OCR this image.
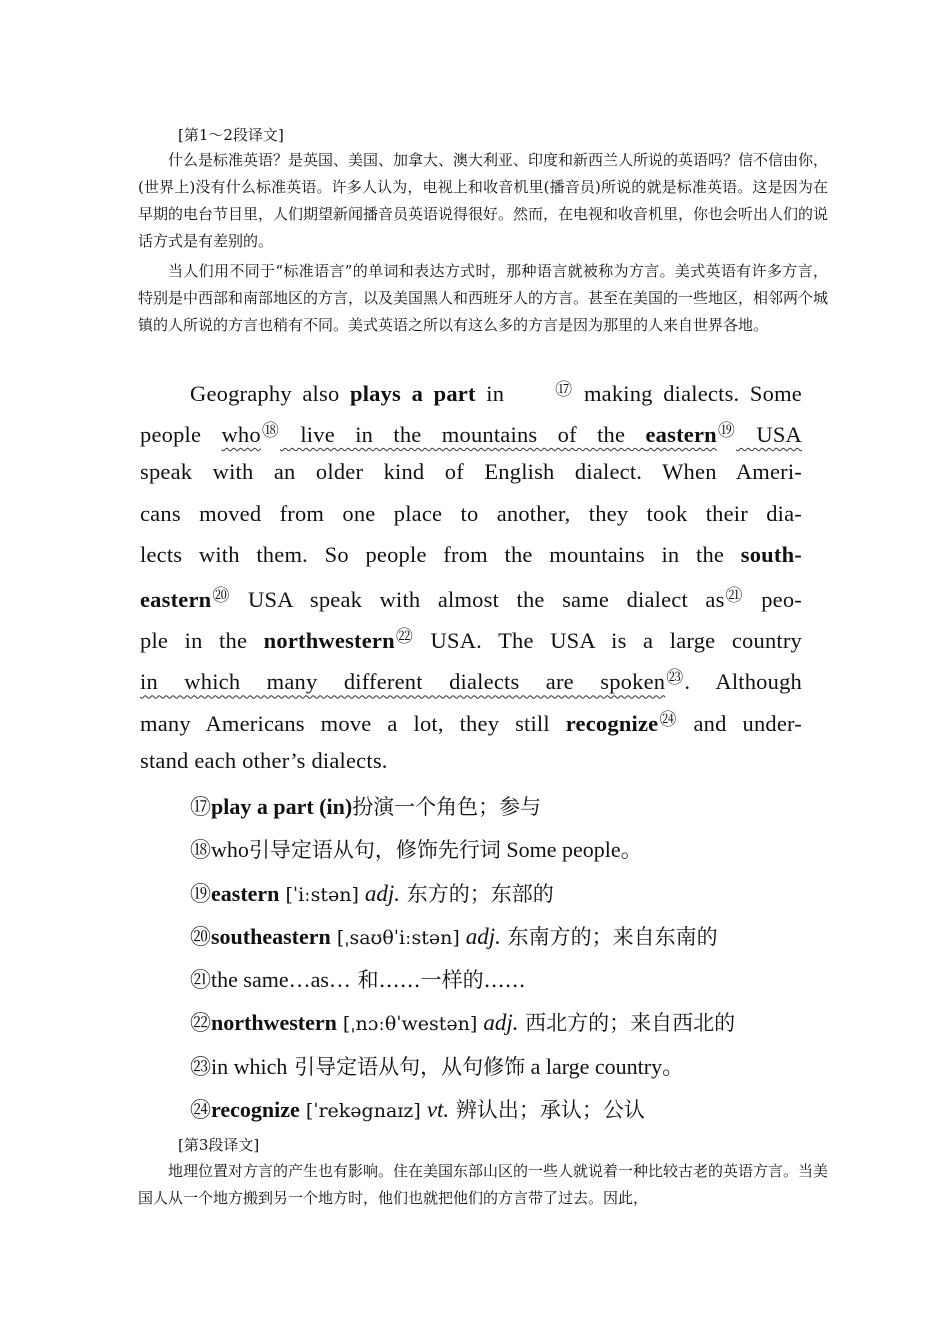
[第1～2段译文]
什么是标准英语？是英国、美国、加拿大、澳大利亚、印度和新西兰人所说的英语吗？信不信由你，(世界上)没有什么标准英语。许多人认为，电视上和收音机里(播音员)所说的就是标准英语。这是因为在早期的电台节目里，人们期望新闻播音员英语说得很好。然而，在电视和收音机里，你也会听出人们的说话方式是有差别的。
当人们用不同于“标准语言”的单词和表达方式时，那种语言就被称为方言。美式英语有许多方言，特别是中西部和南部地区的方言，以及美国黑人和西班牙人的方言。甚至在美国的一些地区，相邻两个城镇的人所说的方言也稍有不同。美式英语之所以有这么多的方言是因为那里的人来自世界各地。
Geography also plays a part in	⑰ making dialects. Some
people who⑱ live in the mountains of the eastern⑲ USA
speak with an older kind of English dialect. When Ameri-
cans moved from one place to another, they took their dia-
lects with them. So people from the mountains in the south-
eastern⑳ USA speak with almost the same dialect as㉑ peo-
ple in the northwestern㉒ USA. The USA is a large country
in which many different dialects are spoken㉓. Although
many Americans move a lot, they still recognize㉔ and under-
stand each other’s dialects.
⑰play a part (in)扮演一个角色；参与
⑱who引导定语从句，修饰先行词 Some people。
⑲eastern [ˈiːstən] adj. 东方的；东部的
⑳southeastern [ˌsaʊθˈiːstən] adj. 东南方的；来自东南的
㉑the same…as… 和……一样的……
㉒northwestern [ˌnɔːθˈwestən] adj. 西北方的；来自西北的
㉓in which 引导定语从句，从句修饰 a large country。
㉔recognize [ˈrekəgnaɪz] vt. 辨认出；承认；公认
[第3段译文]
地理位置对方言的产生也有影响。住在美国东部山区的一些人就说着一种比较古老的英语方言。当美国人从一个地方搬到另一个地方时，他们也就把他们的方言带了过去。因此，
